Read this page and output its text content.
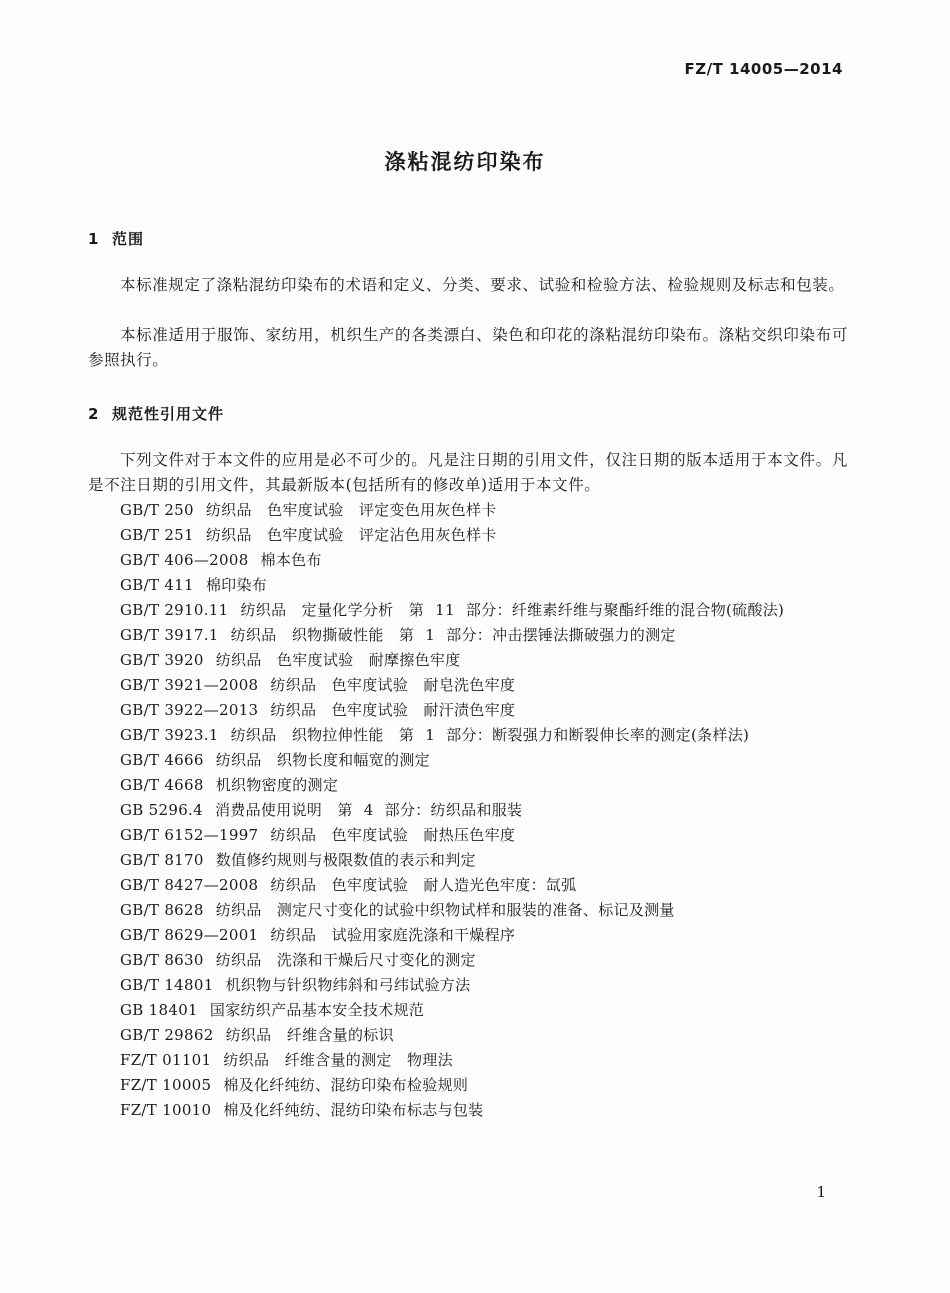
FZ/T 14005—2014
涤粘混纺印染布
1 范围

本标准规定了涤粘混纺印染布的术语和定义、分类、要求、试验和检验方法、检验规则及标志和包装。

本标准适用于服饰、家纺用，机织生产的各类漂白、染色和印花的涤粘混纺印染布。涤粘交织印染布可参照执行。

2 规范性引用文件

下列文件对于本文件的应用是必不可少的。凡是注日期的引用文件，仅注日期的版本适用于本文件。凡是不注日期的引用文件，其最新版本(包括所有的修改单)适用于本文件。

GB/T 250 纺织品　色牢度试验　评定变色用灰色样卡
GB/T 251 纺织品　色牢度试验　评定沾色用灰色样卡
GB/T 406—2008 棉本色布
GB/T 411 棉印染布
GB/T 2910.11 纺织品　定量化学分析　第 11 部分：纤维素纤维与聚酯纤维的混合物(硫酸法)
GB/T 3917.1 纺织品　织物撕破性能　第 1 部分：冲击摆锤法撕破强力的测定
GB/T 3920 纺织品　色牢度试验　耐摩擦色牢度
GB/T 3921—2008 纺织品　色牢度试验　耐皂洗色牢度
GB/T 3922—2013 纺织品　色牢度试验　耐汗渍色牢度
GB/T 3923.1 纺织品　织物拉伸性能　第 1 部分：断裂强力和断裂伸长率的测定(条样法)
GB/T 4666 纺织品　织物长度和幅宽的测定
GB/T 4668 机织物密度的测定
GB 5296.4 消费品使用说明　第 4 部分：纺织品和服装
GB/T 6152—1997 纺织品　色牢度试验　耐热压色牢度
GB/T 8170 数值修约规则与极限数值的表示和判定
GB/T 8427—2008 纺织品　色牢度试验　耐人造光色牢度：氙弧
GB/T 8628 纺织品　测定尺寸变化的试验中织物试样和服装的准备、标记及测量
GB/T 8629—2001 纺织品　试验用家庭洗涤和干燥程序
GB/T 8630 纺织品　洗涤和干燥后尺寸变化的测定
GB/T 14801 机织物与针织物纬斜和弓纬试验方法
GB 18401 国家纺织产品基本安全技术规范
GB/T 29862 纺织品　纤维含量的标识
FZ/T 01101 纺织品　纤维含量的测定　物理法
FZ/T 10005 棉及化纤纯纺、混纺印染布检验规则
FZ/T 10010 棉及化纤纯纺、混纺印染布标志与包装
1
